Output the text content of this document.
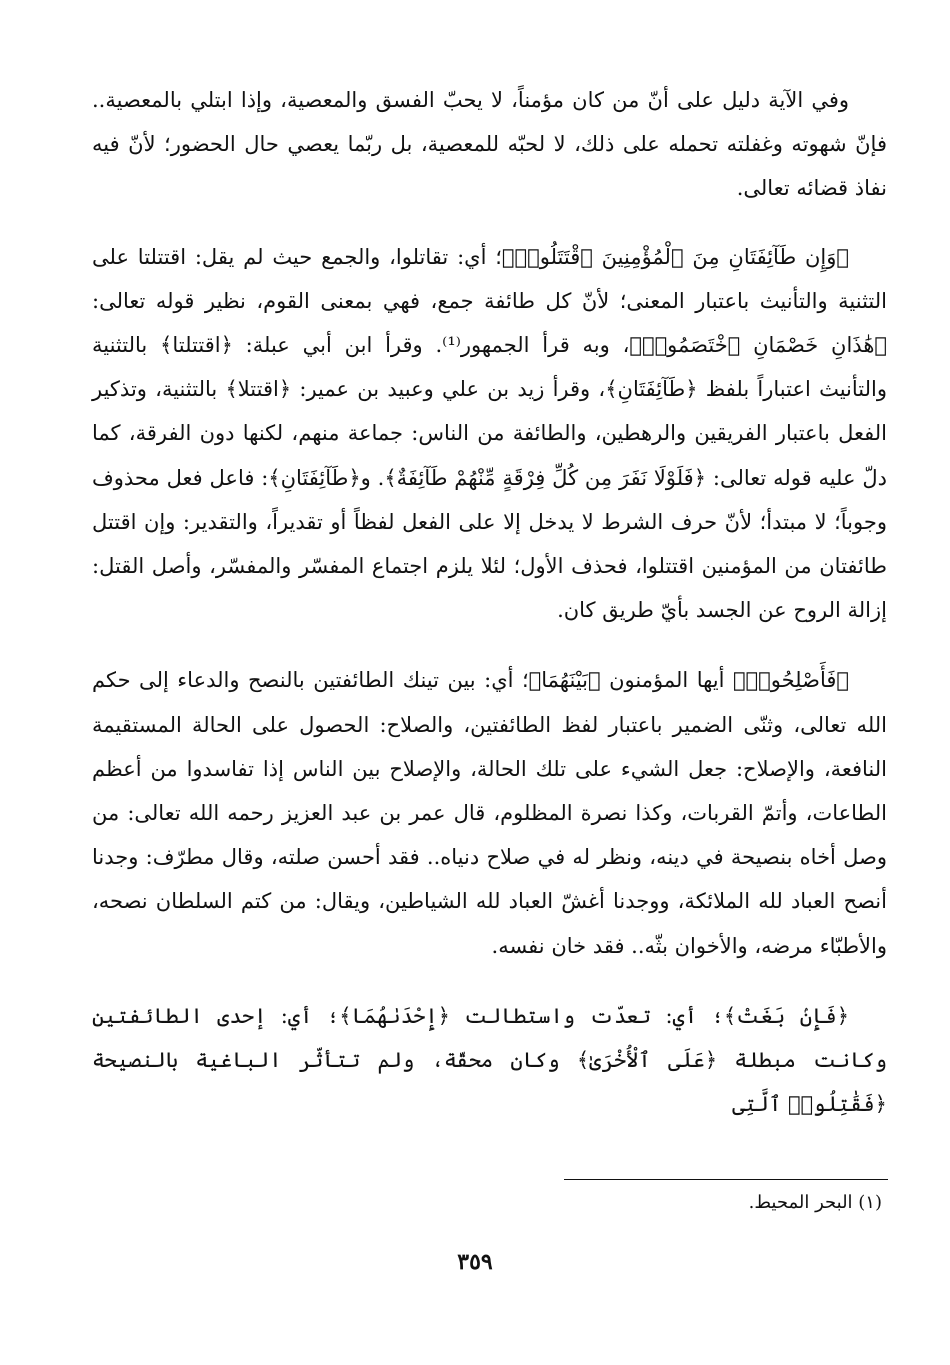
وفي الآية دليل على أنّ من كان مؤمناً، لا يحبّ الفسق والمعصية، وإذا ابتلي بالمعصية.. فإنّ شهوته وغفلته تحمله على ذلك، لا لحبّه للمعصية، بل ربّما يعصي حال الحضور؛ لأنّ فيه نفاذ قضائه تعالى.

﴿وَإِن طَآئِفَتَانِ مِنَ ٱلْمُؤْمِنِينَ ٱقْتَتَلُوا۟﴾؛ أي: تقاتلوا، والجمع حيث لم يقل: اقتتلتا على التثنية والتأنيث باعتبار المعنى؛ لأنّ كل طائفة جمع، فهي بمعنى القوم، نظير قوله تعالى: ﴿هَٰذَانِ خَصْمَانِ ٱخْتَصَمُوا۟﴾، وبه قرأ الجمهور⁽¹⁾. وقرأ ابن أبي عبلة: ﴿اقتتلتا﴾ بالتثنية والتأنيث اعتباراً بلفظ ﴿طَآئِفَتَانِ﴾، وقرأ زيد بن علي وعبيد بن عمير: ﴿اقتتلا﴾ بالتثنية، وتذكير الفعل باعتبار الفريقين والرهطين، والطائفة من الناس: جماعة منهم، لكنها دون الفرقة، كما دلّ عليه قوله تعالى: ﴿فَلَوْلَا نَفَرَ مِن كُلِّ فِرْقَةٍ مِّنْهُمْ طَآئِفَةٌ﴾. و﴿طَآئِفَتَانِ﴾: فاعل فعل محذوف وجوباً؛ لا مبتدأ؛ لأنّ حرف الشرط لا يدخل إلا على الفعل لفظاً أو تقديراً، والتقدير: وإن اقتتل طائفتان من المؤمنين اقتتلوا، فحذف الأول؛ لئلا يلزم اجتماع المفسّر والمفسّر، وأصل القتل: إزالة الروح عن الجسد بأيّ طريق كان.

﴿فَأَصْلِحُوا۟﴾ أيها المؤمنون ﴿بَيْنَهُمَا﴾؛ أي: بين تينك الطائفتين بالنصح والدعاء إلى حكم الله تعالى، وثنّى الضمير باعتبار لفظ الطائفتين، والصلاح: الحصول على الحالة المستقيمة النافعة، والإصلاح: جعل الشيء على تلك الحالة، والإصلاح بين الناس إذا تفاسدوا من أعظم الطاعات، وأتمّ القربات، وكذا نصرة المظلوم، قال عمر بن عبد العزيز رحمه الله تعالى: من وصل أخاه بنصيحة في دينه، ونظر له في صلاح دنياه.. فقد أحسن صلته، وقال مطرّف: وجدنا أنصح العباد لله الملائكة، ووجدنا أغشّ العباد لله الشياطين، ويقال: من كتم السلطان نصحه، والأطبّاء مرضه، والأخوان بثّه.. فقد خان نفسه.

﴿فَإِنۢ بَغَتْ﴾؛ أي: تعدّت واستطالت ﴿إِحْدَىٰهُمَا﴾؛ أي: إحدى الطائفتين وكانت مبطلة ﴿عَلَى ٱلْأُخْرَىٰ﴾ وكان محقّة، ولم تتأثّر الباغية بالنصيحة ﴿فَقَٰتِلُوا۟ ٱلَّتِى

(١) البحر المحيط.
٣٥٩
